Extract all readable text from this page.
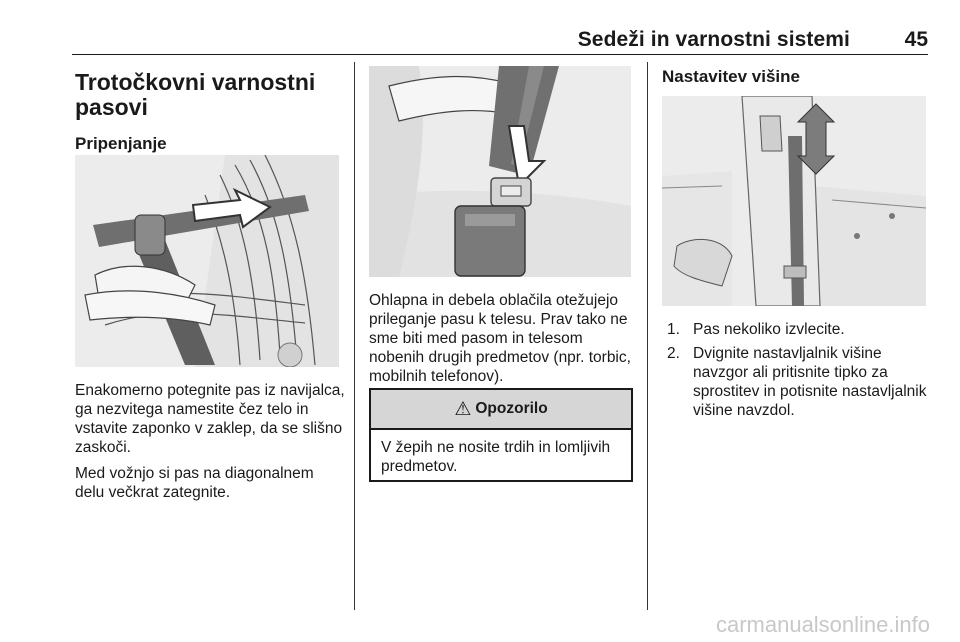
Sedeži in varnostni sistemi	45
Trotočkovni varnostni
pasovi
Pripenjanje

Enakomerno potegnite pas iz navijalca, ga nezvitega namestite čez telo in vstavite zaponko v zaklep, da se slišno zaskoči.

Med vožnjo si pas na diagonalnem delu večkrat zategnite.

Ohlapna in debela oblačila otežujejo prileganje pasu k telesu. Prav tako ne sme biti med pasom in telesom nobenih drugih predmetov (npr. torbic, mobilnih telefonov).

⚠ Opozorilo
V žepih ne nosite trdih in lomljivih predmetov.
Nastavitev višine
1. Pas nekoliko izvlecite.
2. Dvignite nastavljalnik višine navzgor ali pritisnite tipko za sprostitev in potisnite nastavljalnik višine navzdol.
carmanualsonline.info
